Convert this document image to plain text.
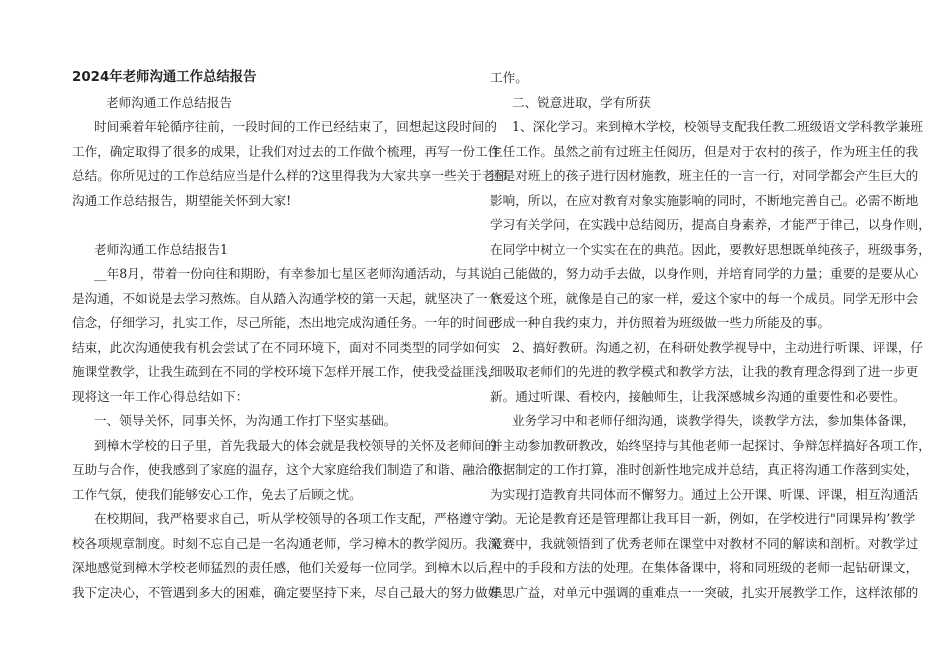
2024年老师沟通工作总结报告
老师沟通工作总结报告
时间乘着年轮循序往前，一段时间的工作已经结束了，回想起这段时间的
工作，确定取得了很多的成果，让我们对过去的工作做个梳理，再写一份工作
总结。你所见过的工作总结应当是什么样的?这里得我为大家共享一些关于老师
沟通工作总结报告，期望能关怀到大家!
老师沟通工作总结报告1
__年8月，带着一份向往和期盼，有幸参加七星区老师沟通活动，与其说
是沟通，不如说是去学习熬炼。自从踏入沟通学校的第一天起，就坚决了一个
信念，仔细学习，扎实工作，尽己所能，杰出地完成沟通任务。一年的时间已
结束，此次沟通使我有机会尝试了在不同环境下，面对不同类型的同学如何实
施课堂教学，让我生疏到在不同的学校环境下怎样开展工作，使我受益匪浅，
现将这一年工作心得总结如下：
一、领导关怀，同事关怀，为沟通工作打下坚实基础。
到樟木学校的日子里，首先我最大的体会就是我校领导的关怀及老师间的
互助与合作，使我感到了家庭的温存，这个大家庭给我们制造了和谐、融洽的
工作气氛，使我们能够安心工作，免去了后顾之忧。
在校期间，我严格要求自己，听从学校领导的各项工作支配，严格遵守学
校各项规章制度。时刻不忘自己是一名沟通老师，学习樟木的教学阅历。我深
深地感觉到樟木学校老师猛烈的责任感，他们关爱每一位同学。到樟木以后，
我下定决心，不管遇到多大的困难，确定要坚持下来，尽自己最大的努力做好
工作。
二、锐意进取，学有所获
1、深化学习。来到樟木学校，校领导支配我任教二班级语文学科教学兼班
主任工作。虽然之前有过班主任阅历，但是对于农村的孩子，作为班主任的我
还是对班上的孩子进行因材施教，班主任的一言一行，对同学都会产生巨大的
影响，所以，在应对教育对象实施影响的同时，不断地完善自己。必需不断地
学习有关学问，在实践中总结阅历，提高自身素养，才能严于律己，以身作则，
在同学中树立一个实实在在的典范。因此，要教好思想既单纯孩子，班级事务，
自己能做的，努力动手去做，以身作则，并培育同学的力量；重要的是要从心
底爱这个班，就像是自己的家一样，爱这个家中的每一个成员。同学无形中会
形成一种自我约束力，并仿照着为班级做一些力所能及的事。
2、搞好教研。沟通之初，在科研处教学视导中，主动进行听课、评课，仔
细吸取老师们的先进的教学模式和教学方法，让我的教育理念得到了进一步更
新。通过听课、看校内，接触师生，让我深感城乡沟通的重要性和必要性。
业务学习中和老师仔细沟通，谈教学得失，谈教学方法，参加集体备课，
并主动参加教研教改，始终坚持与其他老师一起探讨、争辩怎样搞好各项工作，
依据制定的工作打算，准时创新性地完成并总结，真正将沟通工作落到实处，
为实现打造教育共同体而不懈努力。通过上公开课、听课、评课，相互沟通活
动。无论是教育还是管理都让我耳目一新，例如，在学校进行"同课异构’教学
竞赛中，我就领悟到了优秀老师在课堂中对教材不同的解读和剖析。对教学过
程中的手段和方法的处理。在集体备课中，将和同班级的老师一起钻研课文，
集思广益，对单元中强调的重难点一一突破，扎实开展教学工作，这样浓郁的
